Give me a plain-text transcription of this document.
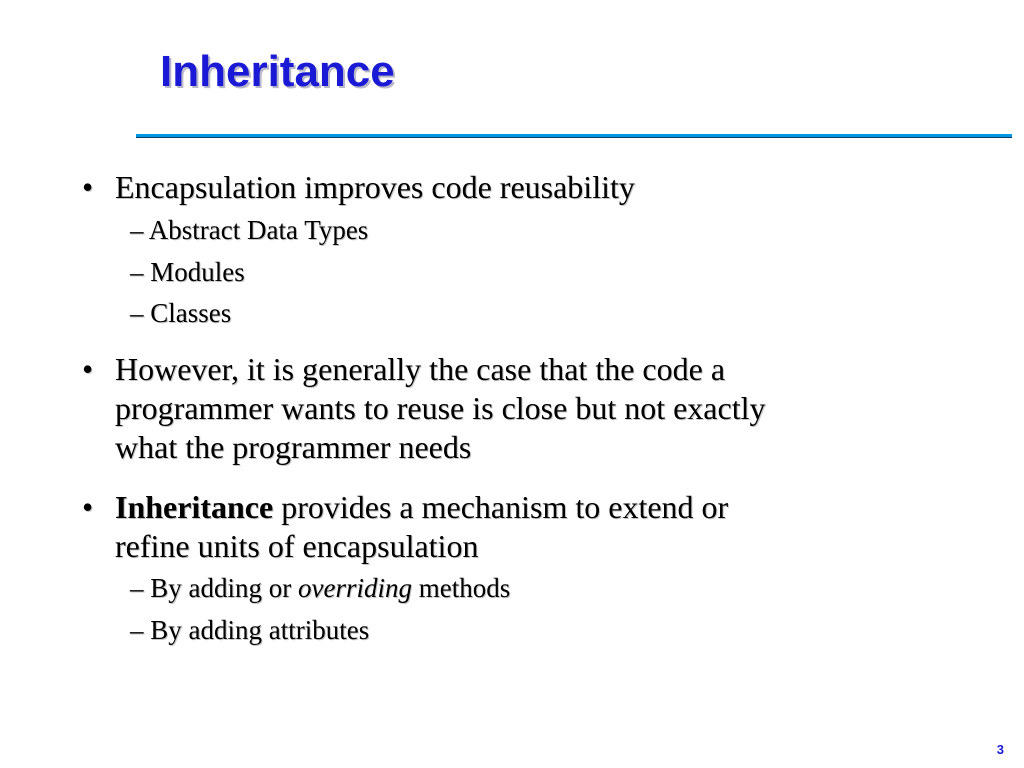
Inheritance
• Encapsulation improves code reusability
– Abstract Data Types
– Modules
– Classes
• However, it is generally the case that the code a
programmer wants to reuse is close but not exactly
what the programmer needs
• Inheritance provides a mechanism to extend or
refine units of encapsulation
– By adding or overriding methods
– By adding attributes
3
